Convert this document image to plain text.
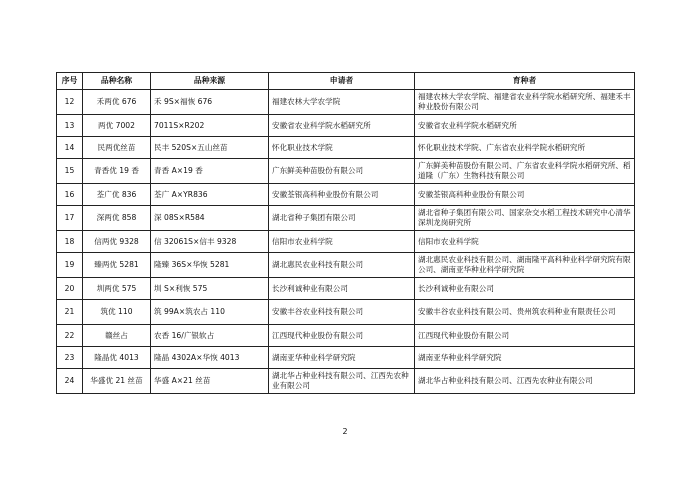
序号	品种名称	品种来源	申请者	育种者
12	禾两优 676	禾 9S×福恢 676	福建农林大学农学院	福建农林大学农学院、福建省农业科学院水稻研究所、福建禾丰种业股份有限公司
13	两优 7002	7011S×R202	安徽省农业科学院水稻研究所	安徽省农业科学院水稻研究所
14	民两优丝苗	民丰 520S×五山丝苗	怀化职业技术学院	怀化职业技术学院、广东省农业科学院水稻研究所
15	青香优 19 香	青香 A×19 香	广东鲜美种苗股份有限公司	广东鲜美种苗股份有限公司、广东省农业科学院水稻研究所、稻道隆（广东）生物科技有限公司
16	荃广优 836	荃广 A×YR836	安徽荃银高科种业股份有限公司	安徽荃银高科种业股份有限公司
17	深两优 858	深 08S×R584	湖北省种子集团有限公司	湖北省种子集团有限公司、国家杂交水稻工程技术研究中心清华深圳龙岗研究所
18	信两优 9328	信 32061S×信丰 9328	信阳市农业科学院	信阳市农业科学院
19	臻两优 5281	隆臻 36S×华恢 5281	湖北惠民农业科技有限公司	湖北惠民农业科技有限公司、湖南隆平高科种业科学研究院有限公司、湖南亚华种业科学研究院
20	圳两优 575	圳 S×利恢 575	长沙利诚种业有限公司	长沙利诚种业有限公司
21	筑优 110	筑 99A×筑农占 110	安徽丰谷农业科技有限公司	安徽丰谷农业科技有限公司、贵州筑农科种业有限责任公司
22	赣丝占	农香 16/广银软占	江西现代种业股份有限公司	江西现代种业股份有限公司
23	隆晶优 4013	隆晶 4302A×华恢 4013	湖南亚华种业科学研究院	湖南亚华种业科学研究院
24	华盛优 21 丝苗	华盛 A×21 丝苗	湖北华占种业科技有限公司、江西先农种业有限公司	湖北华占种业科技有限公司、江西先农种业有限公司
2
